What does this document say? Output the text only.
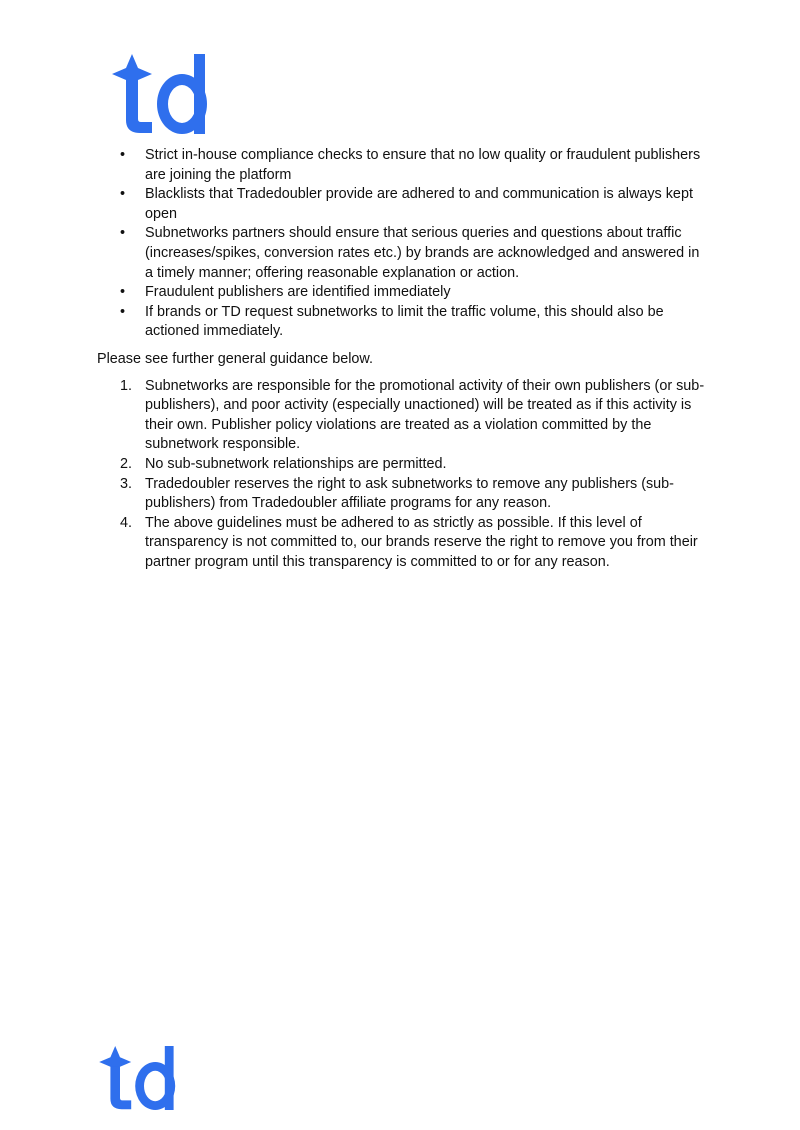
• Strict in-house compliance checks to ensure that no low quality or fraudulent publishers are joining the platform
• Blacklists that Tradedoubler provide are adhered to and communication is always kept open
• Subnetworks partners should ensure that serious queries and questions about traffic (increases/spikes, conversion rates etc.) by brands are acknowledged and answered in a timely manner; offering reasonable explanation or action.
• Fraudulent publishers are identified immediately
• If brands or TD request subnetworks to limit the traffic volume, this should also be actioned immediately.

Please see further general guidance below.

1. Subnetworks are responsible for the promotional activity of their own publishers (or sub-publishers), and poor activity (especially unactioned) will be treated as if this activity is their own. Publisher policy violations are treated as a violation committed by the subnetwork responsible.
2. No sub-subnetwork relationships are permitted.
3. Tradedoubler reserves the right to ask subnetworks to remove any publishers (sub-publishers) from Tradedoubler affiliate programs for any reason.
4. The above guidelines must be adhered to as strictly as possible. If this level of transparency is not committed to, our brands reserve the right to remove you from their partner program until this transparency is committed to or for any reason.
